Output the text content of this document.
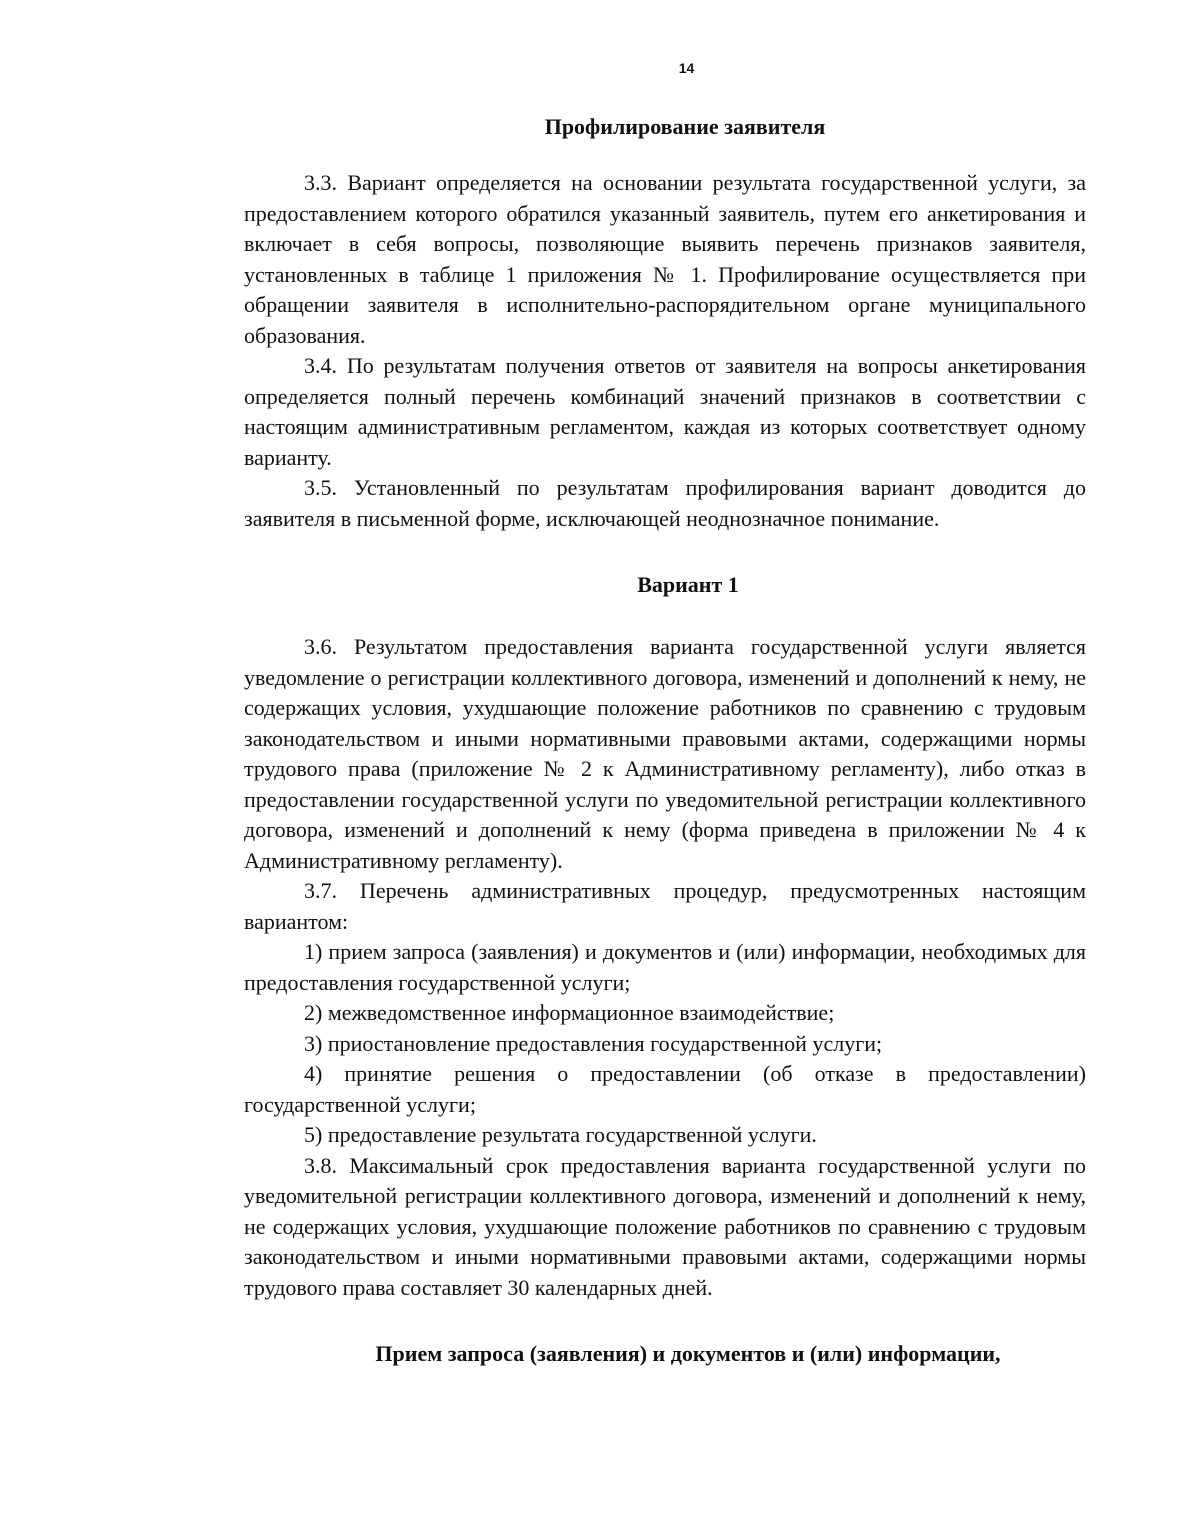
14
Профилирование заявителя

3.3. Вариант определяется на основании результата государственной услуги, за предоставлением которого обратился указанный заявитель, путем его анкетирования и включает в себя вопросы, позволяющие выявить перечень признаков заявителя, установленных в таблице 1 приложения № 1. Профилирование осуществляется при обращении заявителя в исполнительно-распорядительном органе муниципального образования.

3.4. По результатам получения ответов от заявителя на вопросы анкетирования определяется полный перечень комбинаций значений признаков в соответствии с настоящим административным регламентом, каждая из которых соответствует одному варианту.

3.5. Установленный по результатам профилирования вариант доводится до заявителя в письменной форме, исключающей неоднозначное понимание.

Вариант 1

3.6. Результатом предоставления варианта государственной услуги является уведомление о регистрации коллективного договора, изменений и дополнений к нему, не содержащих условия, ухудшающие положение работников по сравнению с трудовым законодательством и иными нормативными правовыми актами, содержащими нормы трудового права (приложение № 2 к Административному регламенту), либо отказ в предоставлении государственной услуги по уведомительной регистрации коллективного договора, изменений и дополнений к нему (форма приведена в приложении № 4 к Административному регламенту).

3.7. Перечень административных процедур, предусмотренных настоящим вариантом:

1) прием запроса (заявления) и документов и (или) информации, необходимых для предоставления государственной услуги;

2) межведомственное информационное взаимодействие;

3) приостановление предоставления государственной услуги;

4) принятие решения о предоставлении (об отказе в предоставлении) государственной услуги;

5) предоставление результата государственной услуги.

3.8. Максимальный срок предоставления варианта государственной услуги по уведомительной регистрации коллективного договора, изменений и дополнений к нему, не содержащих условия, ухудшающие положение работников по сравнению с трудовым законодательством и иными нормативными правовыми актами, содержащими нормы трудового права составляет 30 календарных дней.

Прием запроса (заявления) и документов и (или) информации,
